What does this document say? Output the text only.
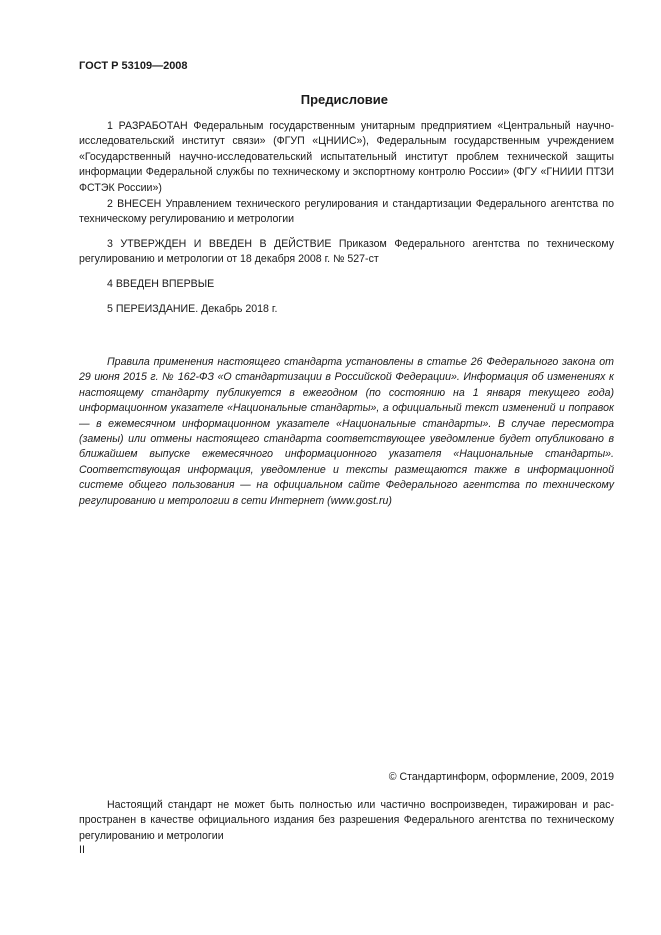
ГОСТ Р 53109—2008
Предисловие

1 РАЗРАБОТАН Федеральным государственным унитарным предприятием «Центральный научно-исследовательский институт связи» (ФГУП «ЦНИИС»), Федеральным государственным учреждением «Государственный научно-исследовательский испытательный институт проблем технической защиты информации Федеральной службы по техническому и экспортному контролю России» (ФГУ «ГНИИИ ПТЗИ ФСТЭК России»)

2 ВНЕСЕН Управлением технического регулирования и стандартизации Федерального агентства по техническому регулированию и метрологии

3 УТВЕРЖДЕН И ВВЕДЕН В ДЕЙСТВИЕ Приказом Федерального агентства по техническому регулированию и метрологии от 18 декабря 2008 г. № 527-ст

4 ВВЕДЕН ВПЕРВЫЕ

5 ПЕРЕИЗДАНИЕ. Декабрь 2018 г.

Правила применения настоящего стандарта установлены в статье 26 Федерального закона от 29 июня 2015 г. № 162-ФЗ «О стандартизации в Российской Федерации». Информация об изменениях к настоящему стандарту публикуется в ежегодном (по состоянию на 1 января текущего года) информационном указателе «Национальные стандарты», а официальный текст изменений и поправок — в ежемесячном информационном указателе «Национальные стандарты». В случае пересмотра (замены) или отмены настоящего стандарта соответствующее уведомление будет опубликовано в ближайшем выпуске ежемесячного информационного указателя «Национальные стандарты». Соответствующая информация, уведомление и тексты размещаются также в информационной системе общего пользования — на официальном сайте Федерального агентства по техническому регулированию и метрологии в сети Интернет (www.gost.ru)

© Стандартинформ, оформление, 2009, 2019

Настоящий стандарт не может быть полностью или частично воспроизведен, тиражирован и распространен в качестве официального издания без разрешения Федерального агентства по техническому регулированию и метрологии

II
